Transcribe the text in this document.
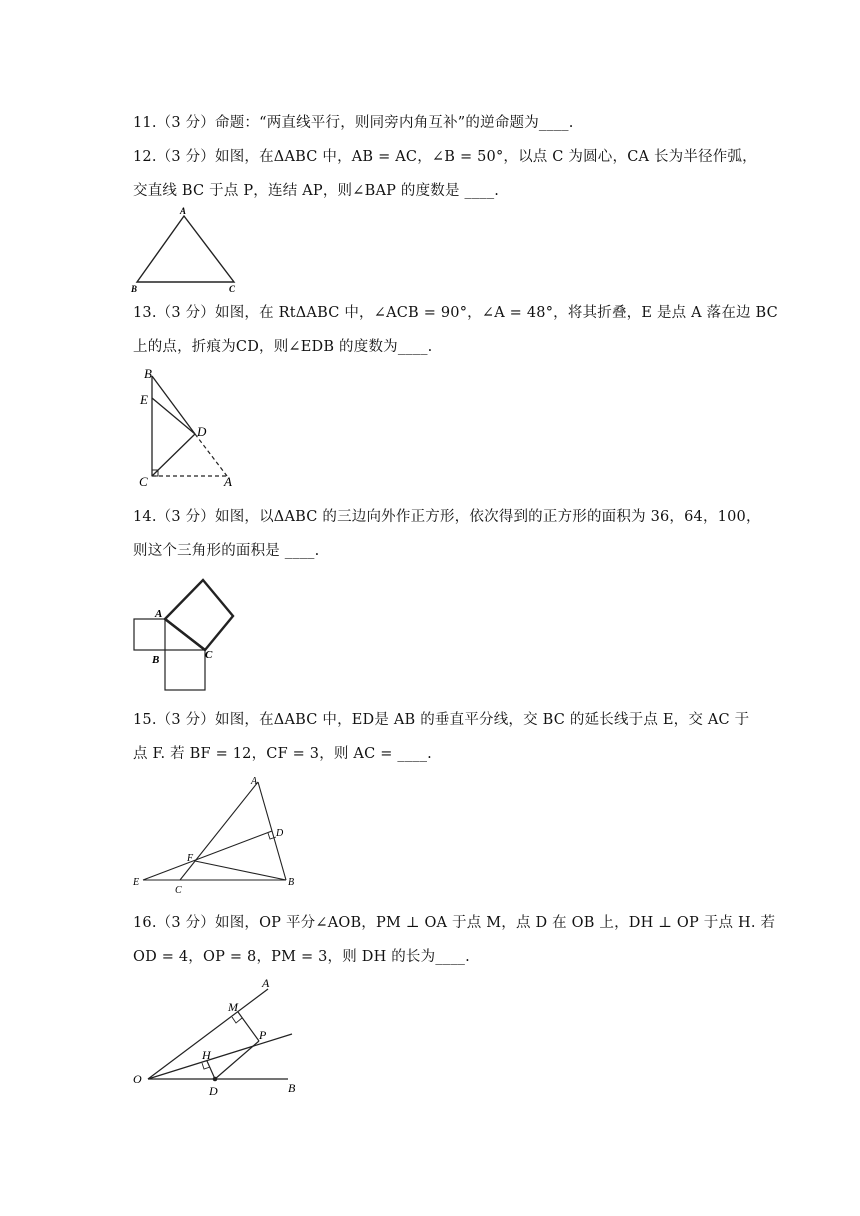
11.（3 分）命题：“两直线平行，则同旁内角互补”的逆命题为____.
12.（3 分）如图，在ΔABC 中，AB = AC，∠B = 50°，以点 C 为圆心，CA 长为半径作弧，
交直线 BC 于点 P，连结 AP，则∠BAP 的度数是 ____.
A
B	C
13.（3 分）如图，在 RtΔABC 中，∠ACB = 90°，∠A = 48°，将其折叠，E 是点 A 落在边 BC
上的点，折痕为CD，则∠EDB 的度数为____.
B
E
D
C	A
14.（3 分）如图，以ΔABC 的三边向外作正方形，依次得到的正方形的面积为 36，64，100，
则这个三角形的面积是 ____.
A
B	C
15.（3 分）如图，在ΔABC 中，ED是 AB 的垂直平分线，交 BC 的延长线于点 E，交 AC 于
点 F. 若 BF = 12，CF = 3，则 AC = ____.
A
D
F
E
C
B
16.（3 分）如图，OP 平分∠AOB，PM ⊥ OA 于点 M，点 D 在 OB 上，DH ⊥ OP 于点 H. 若
OD = 4，OP = 8，PM = 3，则 DH 的长为____.
A
M
P
H
O
D	B
